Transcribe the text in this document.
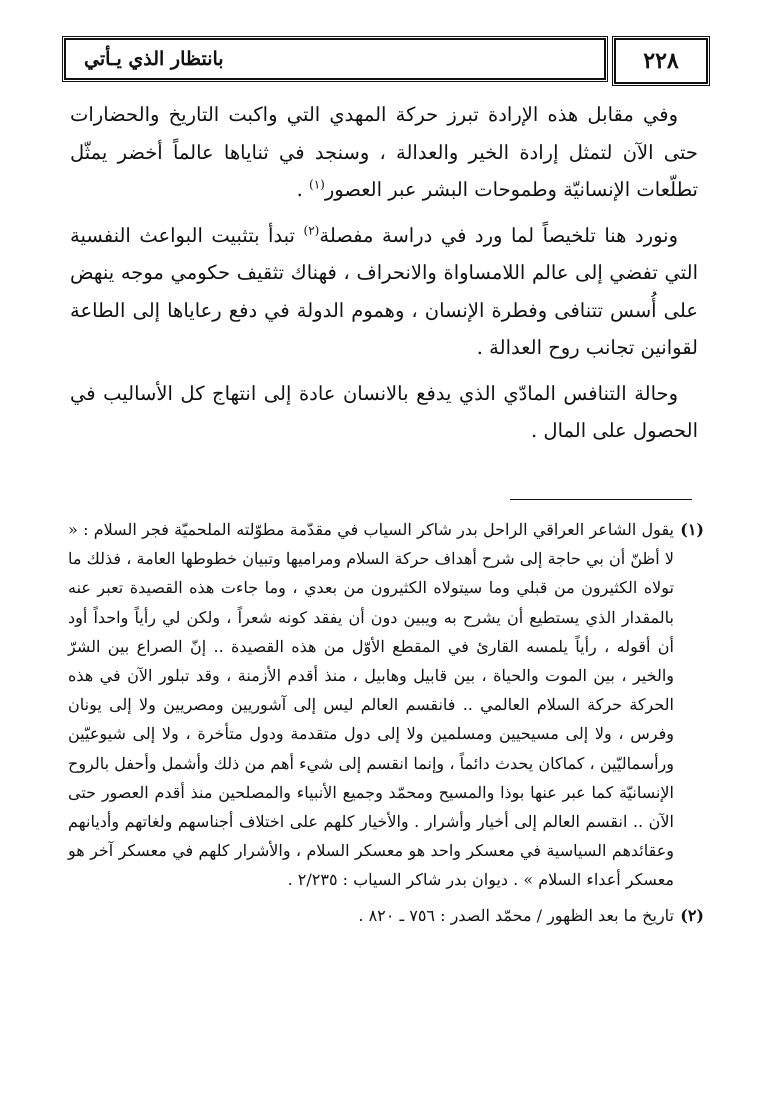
٢٢٨
بانتظار الذي يـأتي

وفي مقابل هذه الإرادة تبرز حركة المهدي التي واكبت التاريخ والحضارات حتى الآن لتمثل إرادة الخير والعدالة ، وسنجد في ثناياها عالماً أخضر يمثّل تطلّعات الإنسانيّة وطموحات البشر عبر العصور$^{(١)}$ .

ونورد هنا تلخيصاً لما ورد في دراسة مفصلة$^{(٢)}$ تبدأ بتثبيت البواعث النفسية التي تفضي إلى عالم اللامساواة والانحراف ، فهناك تثقيف حكومي موجه ينهض على أُسس تتنافى وفطرة الإنسان ، وهموم الدولة في دفع رعاياها إلى الطاعة لقوانين تجانب روح العدالة .

وحالة التنافس المادّي الذي يدفع بالانسان عادة إلى انتهاج كل الأساليب في الحصول على المال .

(١)

يقول الشاعر العراقي الراحل بدر شاكر السياب في مقدّمة مطوّلته الملحميّة فجر السلام : « لا أظنّ أن بي حاجة إلى شرح أهداف حركة السلام ومراميها وتبيان خطوطها العامة ، فذلك ما تولاه الكثيرون من قبلي وما سيتولاه الكثيرون من بعدي ، وما جاءت هذه القصيدة تعبر عنه بالمقدار الذي يستطيع أن يشرح به ويبين دون أن يفقد كونه شعراً ، ولكن لي رأياً واحداً أود أن أقوله ، رأياً يلمسه القارئ في المقطع الأوّل من هذه القصيدة .. إنّ الصراع بين الشرّ والخير ، بين الموت والحياة ، بين قابيل وهابيل ، منذ أقدم الأزمنة ، وقد تبلور الآن في هذه الحركة حركة السلام العالمي .. فانقسم العالم ليس إلى آشوريين ومصريين ولا إلى يونان وفرس ، ولا إلى مسيحيين ومسلمين ولا إلى دول متقدمة ودول متأخرة ، ولا إلى شيوعيّين ورأسماليّين ، كماكان يحدث دائماً ، وإنما انقسم إلى شيء أهم من ذلك وأشمل وأحفل بالروح الإنسانيّة كما عبر عنها بوذا والمسيح ومحمّد وجميع الأنبياء والمصلحين منذ أقدم العصور حتى الآن .. انقسم العالم إلى أخيار وأشرار . والأخيار كلهم على اختلاف أجناسهم ولغاتهم وأديانهم وعقائدهم السياسية في معسكر واحد هو معسكر السلام ، والأشرار كلهم في معسكر آخر هو معسكر أعداء السلام » . ديوان بدر شاكر السياب : ٢/٢٣٥ .

(٢)

تاريخ ما بعد الظهور / محمّد الصدر : ٧٥٦ ـ ٨٢٠ .
